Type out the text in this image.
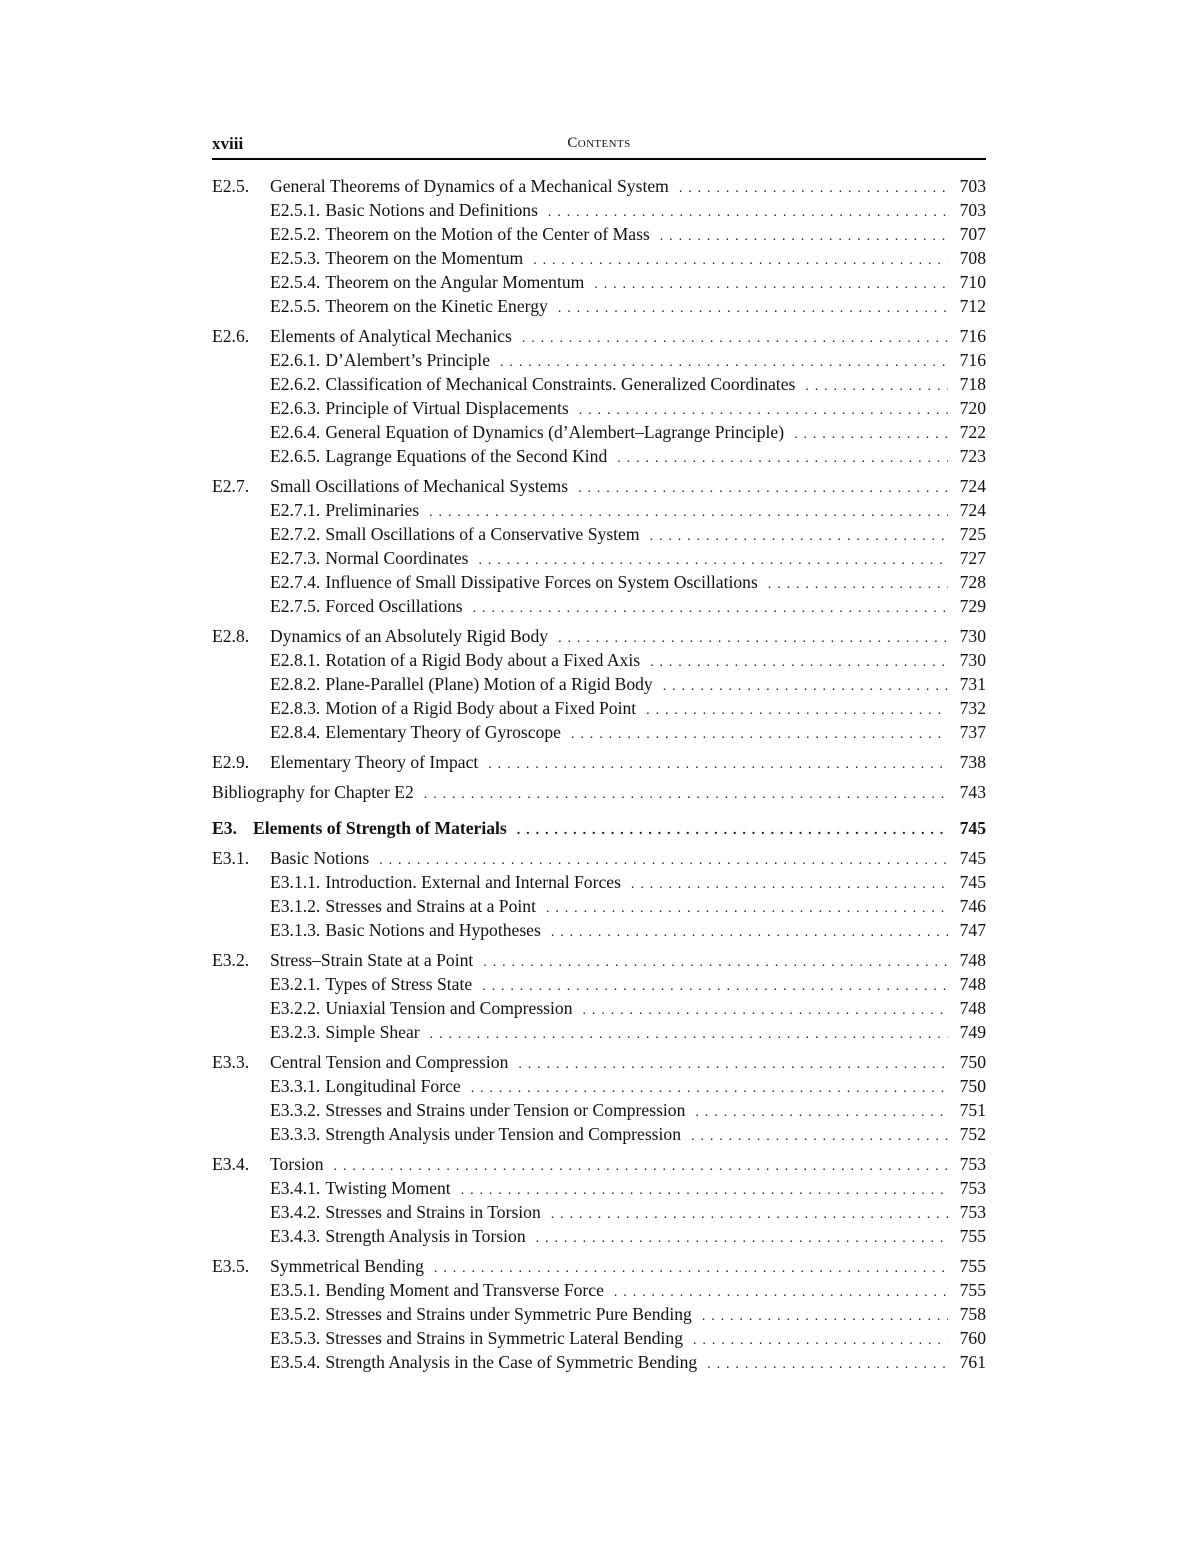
xviii	Contents
E2.5.	General Theorems of Dynamics of a Mechanical System . . .	703
E2.5.1. Basic Notions and Definitions . . .	703
E2.5.2. Theorem on the Motion of the Center of Mass . . .	707
E2.5.3. Theorem on the Momentum . . .	708
E2.5.4. Theorem on the Angular Momentum . . .	710
E2.5.5. Theorem on the Kinetic Energy . . .	712
E2.6.	Elements of Analytical Mechanics . . .	716
E2.6.1. D’Alembert’s Principle . . .	716
E2.6.2. Classification of Mechanical Constraints. Generalized Coordinates . . .	718
E2.6.3. Principle of Virtual Displacements . . .	720
E2.6.4. General Equation of Dynamics (d’Alembert–Lagrange Principle) . . .	722
E2.6.5. Lagrange Equations of the Second Kind . . .	723
E2.7.	Small Oscillations of Mechanical Systems . . .	724
E2.7.1. Preliminaries . . .	724
E2.7.2. Small Oscillations of a Conservative System . . .	725
E2.7.3. Normal Coordinates . . .	727
E2.7.4. Influence of Small Dissipative Forces on System Oscillations . . .	728
E2.7.5. Forced Oscillations . . .	729
E2.8.	Dynamics of an Absolutely Rigid Body . . .	730
E2.8.1. Rotation of a Rigid Body about a Fixed Axis . . .	730
E2.8.2. Plane-Parallel (Plane) Motion of a Rigid Body . . .	731
E2.8.3. Motion of a Rigid Body about a Fixed Point . . .	732
E2.8.4. Elementary Theory of Gyroscope . . .	737
E2.9.	Elementary Theory of Impact . . .	738
Bibliography for Chapter E2 . . .	743
E3. Elements of Strength of Materials . . .	745
E3.1.	Basic Notions . . .	745
E3.1.1. Introduction. External and Internal Forces . . .	745
E3.1.2. Stresses and Strains at a Point . . .	746
E3.1.3. Basic Notions and Hypotheses . . .	747
E3.2.	Stress–Strain State at a Point . . .	748
E3.2.1. Types of Stress State . . .	748
E3.2.2. Uniaxial Tension and Compression . . .	748
E3.2.3. Simple Shear . . .	749
E3.3.	Central Tension and Compression . . .	750
E3.3.1. Longitudinal Force . . .	750
E3.3.2. Stresses and Strains under Tension or Compression . . .	751
E3.3.3. Strength Analysis under Tension and Compression . . .	752
E3.4.	Torsion . . .	753
E3.4.1. Twisting Moment . . .	753
E3.4.2. Stresses and Strains in Torsion . . .	753
E3.4.3. Strength Analysis in Torsion . . .	755
E3.5.	Symmetrical Bending . . .	755
E3.5.1. Bending Moment and Transverse Force . . .	755
E3.5.2. Stresses and Strains under Symmetric Pure Bending . . .	758
E3.5.3. Stresses and Strains in Symmetric Lateral Bending . . .	760
E3.5.4. Strength Analysis in the Case of Symmetric Bending . . .	761
